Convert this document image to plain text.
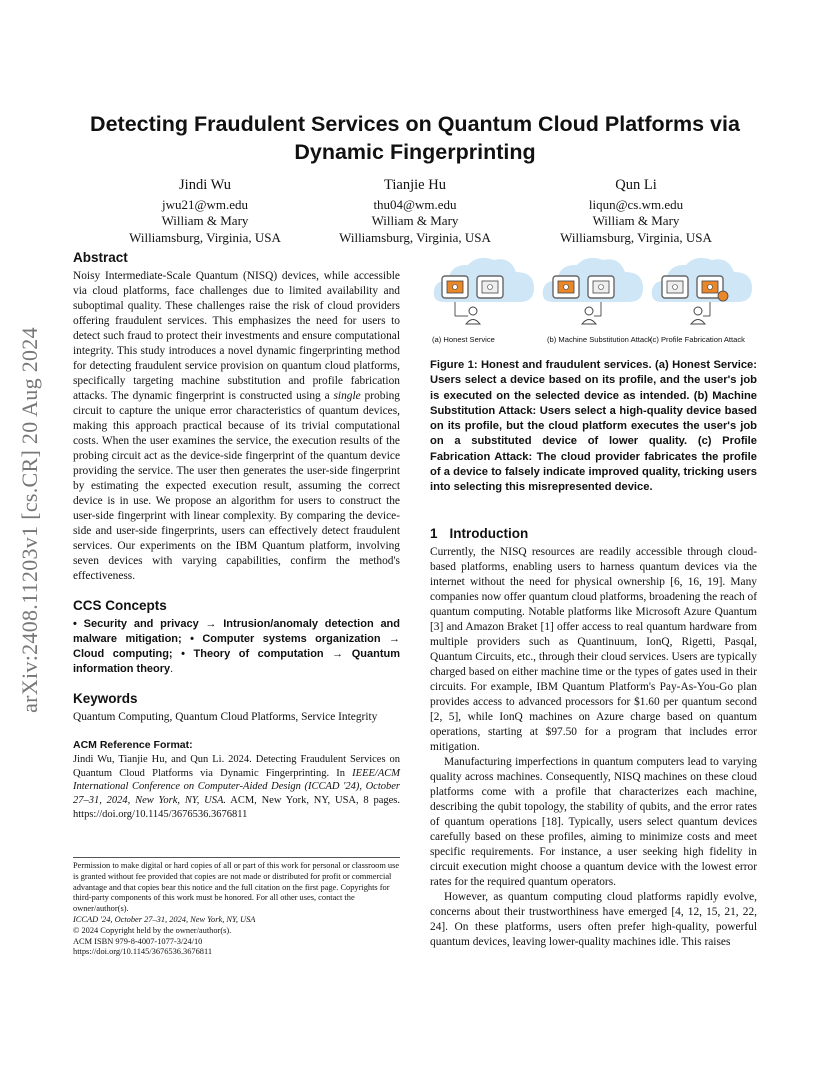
arXiv:2408.11203v1 [cs.CR] 20 Aug 2024
Detecting Fraudulent Services on Quantum Cloud Platforms via Dynamic Fingerprinting
Jindi Wu
jwu21@wm.edu
William & Mary
Williamsburg, Virginia, USA
Tianjie Hu
thu04@wm.edu
William & Mary
Williamsburg, Virginia, USA
Qun Li
liqun@cs.wm.edu
William & Mary
Williamsburg, Virginia, USA
Abstract

Noisy Intermediate-Scale Quantum (NISQ) devices, while accessible via cloud platforms, face challenges due to limited availability and suboptimal quality. These challenges raise the risk of cloud providers offering fraudulent services. This emphasizes the need for users to detect such fraud to protect their investments and ensure computational integrity. This study introduces a novel dynamic fingerprinting method for detecting fraudulent service provision on quantum cloud platforms, specifically targeting machine substitution and profile fabrication attacks. The dynamic fingerprint is constructed using a single probing circuit to capture the unique error characteristics of quantum devices, making this approach practical because of its trivial computational costs. When the user examines the service, the execution results of the probing circuit act as the device-side fingerprint of the quantum device providing the service. The user then generates the user-side fingerprint by estimating the expected execution result, assuming the correct device is in use. We propose an algorithm for users to construct the user-side fingerprint with linear complexity. By comparing the device-side and user-side fingerprints, users can effectively detect fraudulent services. Our experiments on the IBM Quantum platform, involving seven devices with varying capabilities, confirm the method's effectiveness.

CCS Concepts

• Security and privacy → Intrusion/anomaly detection and malware mitigation; • Computer systems organization → Cloud computing; • Theory of computation → Quantum information theory.

Keywords

Quantum Computing, Quantum Cloud Platforms, Service Integrity

ACM Reference Format:

Jindi Wu, Tianjie Hu, and Qun Li. 2024. Detecting Fraudulent Services on Quantum Cloud Platforms via Dynamic Fingerprinting. In IEEE/ACM International Conference on Computer-Aided Design (ICCAD '24), October 27–31, 2024, New York, NY, USA. ACM, New York, NY, USA, 8 pages. https://doi.org/10.1145/3676536.3676811

Permission to make digital or hard copies of all or part of this work for personal or classroom use is granted without fee provided that copies are not made or distributed for profit or commercial advantage and that copies bear this notice and the full citation on the first page. Copyrights for third-party components of this work must be honored. For all other uses, contact the owner/author(s).

ICCAD '24, October 27–31, 2024, New York, NY, USA

© 2024 Copyright held by the owner/author(s).

ACM ISBN 979-8-4007-1077-3/24/10

https://doi.org/10.1145/3676536.3676811

(a) Honest Service	(b) Machine Substitution Attack
(c) Profile Fabrication Attack

Figure 1: Honest and fraudulent services. (a) Honest Service: Users select a device based on its profile, and the user's job is executed on the selected device as intended. (b) Machine Substitution Attack: Users select a high-quality device based on its profile, but the cloud platform executes the user's job on a substituted device of lower quality. (c) Profile Fabrication Attack: The cloud provider fabricates the profile of a device to falsely indicate improved quality, tricking users into selecting this misrepresented device.

1 Introduction

Currently, the NISQ resources are readily accessible through cloud-based platforms, enabling users to harness quantum devices via the internet without the need for physical ownership [6, 16, 19]. Many companies now offer quantum cloud platforms, broadening the reach of quantum computing. Notable platforms like Microsoft Azure Quantum [3] and Amazon Braket [1] offer access to real quantum hardware from multiple providers such as Quantinuum, IonQ, Rigetti, Pasqal, Quantum Circuits, etc., through their cloud services. Users are typically charged based on either machine time or the types of gates used in their circuits. For example, IBM Quantum Platform's Pay-As-You-Go plan provides access to advanced processors for $1.60 per quantum second [2, 5], while IonQ machines on Azure charge based on quantum operations, starting at $97.50 for a program that includes error mitigation.

Manufacturing imperfections in quantum computers lead to varying quality across machines. Consequently, NISQ machines on these cloud platforms come with a profile that characterizes each machine, describing the qubit topology, the stability of qubits, and the error rates of quantum operations [18]. Typically, users select quantum devices carefully based on these profiles, aiming to minimize costs and meet specific requirements. For instance, a user seeking high fidelity in circuit execution might choose a quantum device with the lowest error rates for the required quantum operators.

However, as quantum computing cloud platforms rapidly evolve, concerns about their trustworthiness have emerged [4, 12, 15, 21, 22, 24]. On these platforms, users often prefer high-quality, powerful quantum devices, leaving lower-quality machines idle. This raises
